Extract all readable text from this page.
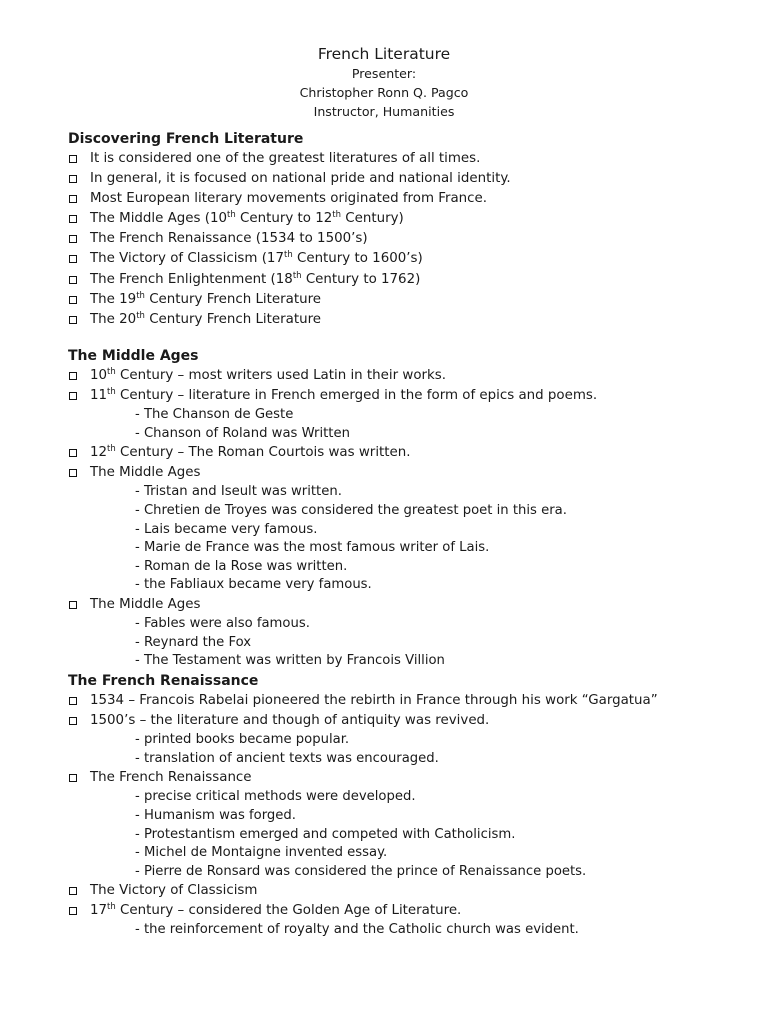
French Literature
Presenter:
Christopher Ronn Q. Pagco
Instructor, Humanities
Discovering French Literature
It is considered one of the greatest literatures of all times.
In general, it is focused on national pride and national identity.
Most European literary movements originated from France.
The Middle Ages (10th Century to 12th Century)
The French Renaissance (1534 to 1500’s)
The Victory of Classicism (17th Century to 1600’s)
The French Enlightenment (18th Century to 1762)
The 19th Century French Literature
The 20th Century French Literature
The Middle Ages
10th Century – most writers used Latin in their works.
11th Century – literature in French emerged in the form of epics and poems.
- The Chanson de Geste
- Chanson of Roland was Written
12th Century – The Roman Courtois was written.
The Middle Ages
- Tristan and Iseult was written.
- Chretien de Troyes was considered the greatest poet in this era.
- Lais became very famous.
- Marie de France was the most famous writer of Lais.
- Roman de la Rose was written.
- the Fabliaux became very famous.
The Middle Ages
- Fables were also famous.
- Reynard the Fox
- The Testament was written by Francois Villion
The French Renaissance
1534 – Francois Rabelai pioneered the rebirth in France through his work “Gargatua”
1500’s – the literature and though of antiquity was revived.
- printed books became popular.
- translation of ancient texts was encouraged.
The French Renaissance
- precise critical methods were developed.
- Humanism was forged.
- Protestantism emerged and competed with Catholicism.
- Michel de Montaigne invented essay.
- Pierre de Ronsard was considered the prince of Renaissance poets.
The Victory of Classicism
17th Century – considered the Golden Age of Literature.
- the reinforcement of royalty and the Catholic church was evident.
